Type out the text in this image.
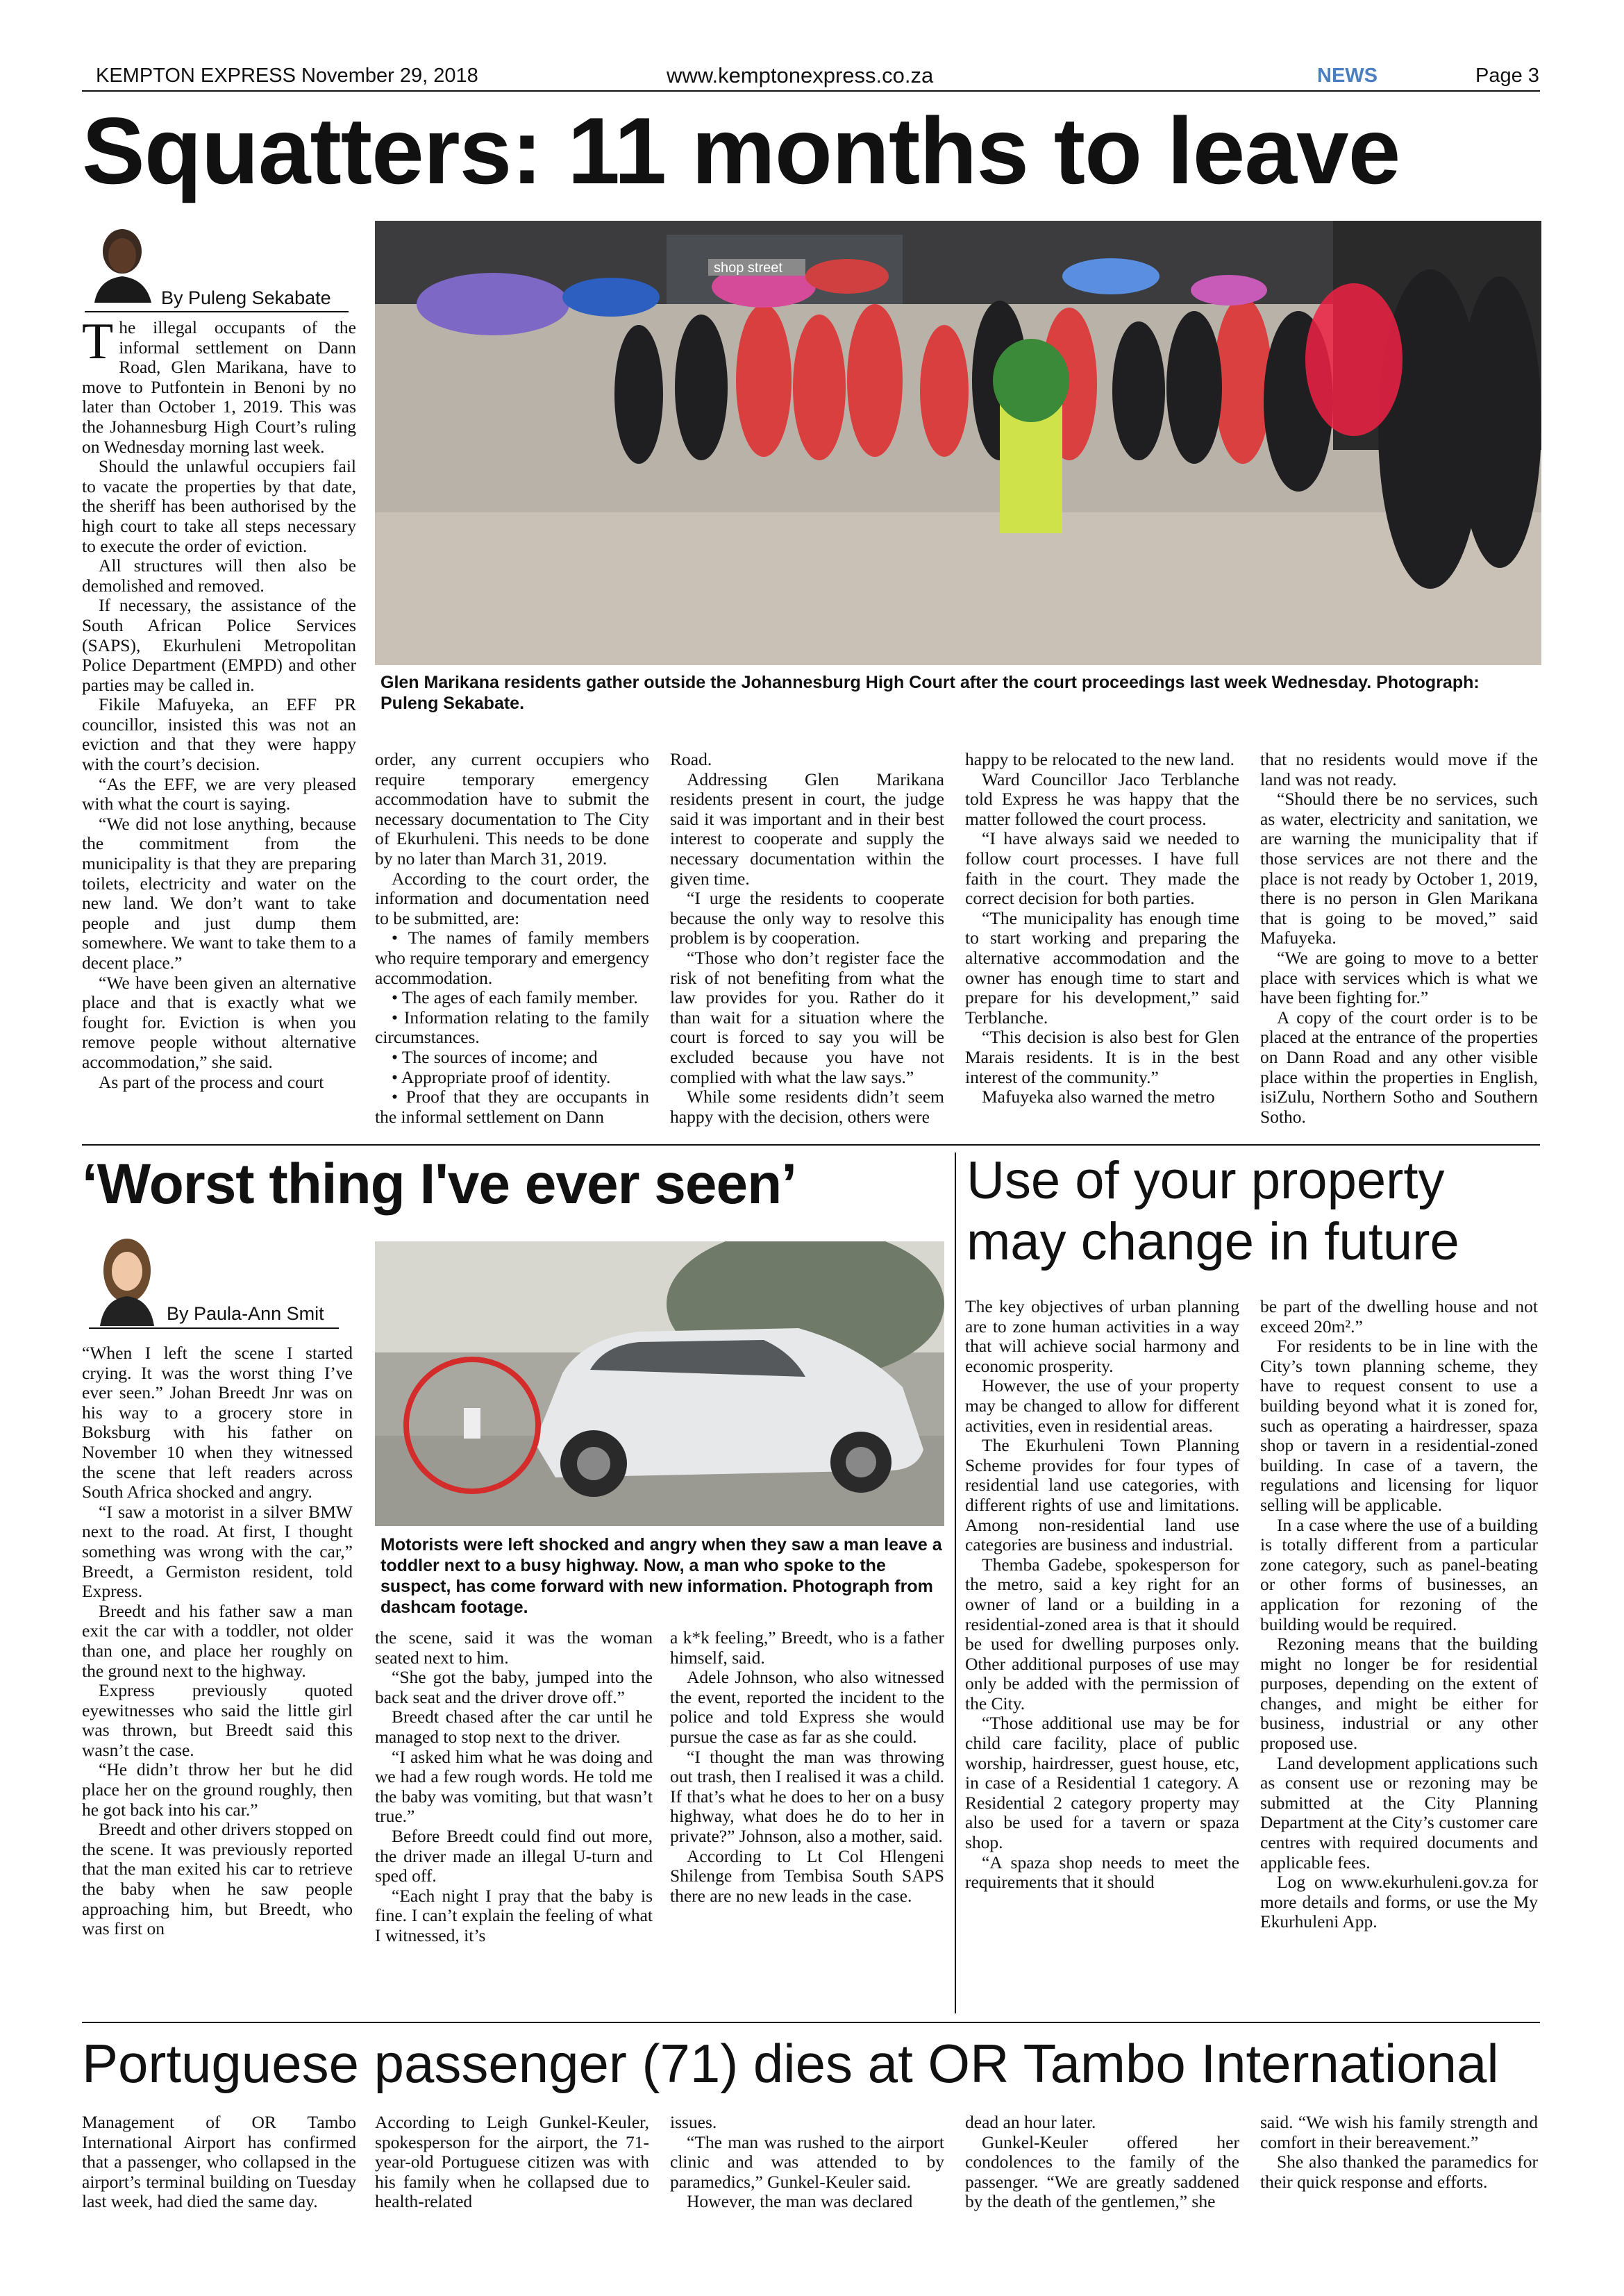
KEMPTON EXPRESS November 29, 2018	www.kemptonexpress.co.za	NEWS	Page 3
Squatters: 11 months to leave
By Puleng Sekabate

The illegal occupants of the informal settlement on Dann Road, Glen Marikana, have to move to Putfontein in Benoni by no later than October 1, 2019. This was the Johannesburg High Court’s ruling on Wednesday morning last week.

Should the unlawful occupiers fail to vacate the properties by that date, the sheriff has been authorised by the high court to take all steps necessary to execute the order of eviction.

All structures will then also be demolished and removed.

If necessary, the assistance of the South African Police Services (SAPS), Ekurhuleni Metropolitan Police Department (EMPD) and other parties may be called in.

Fikile Mafuyeka, an EFF PR councillor, insisted this was not an eviction and that they were happy with the court’s decision.

“As the EFF, we are very pleased with what the court is saying.

“We did not lose anything, because the commitment from the municipality is that they are preparing toilets, electricity and water on the new land. We don’t want to take people and just dump them somewhere. We want to take them to a decent place.”

“We have been given an alternative place and that is exactly what we fought for. Eviction is when you remove people without alternative accommodation,” she said.

As part of the process and court

shop street
Glen Marikana residents gather outside the Johannesburg High Court after the court proceedings last week Wednesday. Photograph: Puleng Sekabate.

order, any current occupiers who require temporary emergency accommodation have to submit the necessary documentation to The City of Ekurhuleni. This needs to be done by no later than March 31, 2019.

According to the court order, the information and documentation need to be submitted, are:

• The names of family members who require temporary and emergency accommodation.

• The ages of each family member.

• Information relating to the family circumstances.

• The sources of income; and

• Appropriate proof of identity.

• Proof that they are occupants in the informal settlement on Dann

Road.

Addressing Glen Marikana residents present in court, the judge said it was important and in their best interest to cooperate and supply the necessary documentation within the given time.

“I urge the residents to cooperate because the only way to resolve this problem is by cooperation.

“Those who don’t register face the risk of not benefiting from what the law provides for you. Rather do it than wait for a situation where the court is forced to say you will be excluded because you have not complied with what the law says.”

While some residents didn’t seem happy with the decision, others were

happy to be relocated to the new land.

Ward Councillor Jaco Terblanche told Express he was happy that the matter followed the court process.

“I have always said we needed to follow court processes. I have full faith in the court. They made the correct decision for both parties.

“The municipality has enough time to start working and preparing the alternative accommodation and the owner has enough time to start and prepare for his development,” said Terblanche.

“This decision is also best for Glen Marais residents. It is in the best interest of the community.”

Mafuyeka also warned the metro

that no residents would move if the land was not ready.

“Should there be no services, such as water, electricity and sanitation, we are warning the municipality that if those services are not there and the place is not ready by October 1, 2019, there is no person in Glen Marikana that is going to be moved,” said Mafuyeka.

“We are going to move to a better place with services which is what we have been fighting for.”

A copy of the court order is to be placed at the entrance of the properties on Dann Road and any other visible place within the properties in English, isiZulu, Northern Sotho and Southern Sotho.

‘Worst thing I've ever seen’
By Paula-Ann Smit

“When I left the scene I started crying. It was the worst thing I’ve ever seen.” Johan Breedt Jnr was on his way to a grocery store in Boksburg with his father on November 10 when they witnessed the scene that left readers across South Africa shocked and angry.

“I saw a motorist in a silver BMW next to the road. At first, I thought something was wrong with the car,” Breedt, a Germiston resident, told Express.

Breedt and his father saw a man exit the car with a toddler, not older than one, and place her roughly on the ground next to the highway.

Express previously quoted eyewitnesses who said the little girl was thrown, but Breedt said this wasn’t the case.

“He didn’t throw her but he did place her on the ground roughly, then he got back into his car.”

Breedt and other drivers stopped on the scene. It was previously reported that the man exited his car to retrieve the baby when he saw people approaching him, but Breedt, who was first on

Motorists were left shocked and angry when they saw a man leave a toddler next to a busy highway. Now, a man who spoke to the suspect, has come forward with new information. Photograph from dashcam footage.

the scene, said it was the woman seated next to him.

“She got the baby, jumped into the back seat and the driver drove off.”

Breedt chased after the car until he managed to stop next to the driver.

“I asked him what he was doing and we had a few rough words. He told me the baby was vomiting, but that wasn’t true.”

Before Breedt could find out more, the driver made an illegal U-turn and sped off.

“Each night I pray that the baby is fine. I can’t explain the feeling of what I witnessed, it’s

a k*k feeling,” Breedt, who is a father himself, said.

Adele Johnson, who also witnessed the event, reported the incident to the police and told Express she would pursue the case as far as she could.

“I thought the man was throwing out trash, then I realised it was a child. If that’s what he does to her on a busy highway, what does he do to her in private?” Johnson, also a mother, said.

According to Lt Col Hlengeni Shilenge from Tembisa South SAPS there are no new leads in the case.

Use of your property
may change in future

The key objectives of urban planning are to zone human activities in a way that will achieve social harmony and economic prosperity.

However, the use of your property may be changed to allow for different activities, even in residential areas.

The Ekurhuleni Town Planning Scheme provides for four types of residential land use categories, with different rights of use and limitations. Among non-residential land use categories are business and industrial.

Themba Gadebe, spokesperson for the metro, said a key right for an owner of land or a building in a residential-zoned area is that it should be used for dwelling purposes only. Other additional purposes of use may only be added with the permission of the City.

“Those additional use may be for child care facility, place of public worship, hairdresser, guest house, etc, in case of a Residential 1 category. A Residential 2 category property may also be used for a tavern or spaza shop.

“A spaza shop needs to meet the requirements that it should

be part of the dwelling house and not exceed 20m².”

For residents to be in line with the City’s town planning scheme, they have to request consent to use a building beyond what it is zoned for, such as operating a hairdresser, spaza shop or tavern in a residential-zoned building. In case of a tavern, the regulations and licensing for liquor selling will be applicable.

In a case where the use of a building is totally different from a particular zone category, such as panel-beating or other forms of businesses, an application for rezoning of the building would be required.

Rezoning means that the building might no longer be for residential purposes, depending on the extent of changes, and might be either for business, industrial or any other proposed use.

Land development applications such as consent use or rezoning may be submitted at the City Planning Department at the City’s customer care centres with required documents and applicable fees.

Log on www.ekurhuleni.gov.za for more details and forms, or use the My Ekurhuleni App.

Portuguese passenger (71) dies at OR Tambo International

Management of OR Tambo International Airport has confirmed that a passenger, who collapsed in the airport’s terminal building on Tuesday last week, had died the same day.

According to Leigh Gunkel-Keuler, spokesperson for the airport, the 71-year-old Portuguese citizen was with his family when he collapsed due to health-related

issues.

“The man was rushed to the airport clinic and was attended to by paramedics,” Gunkel-Keuler said.

However, the man was declared

dead an hour later.

Gunkel-Keuler offered her condolences to the family of the passenger. “We are greatly saddened by the death of the gentlemen,” she

said. “We wish his family strength and comfort in their bereavement.”

She also thanked the paramedics for their quick response and efforts.
